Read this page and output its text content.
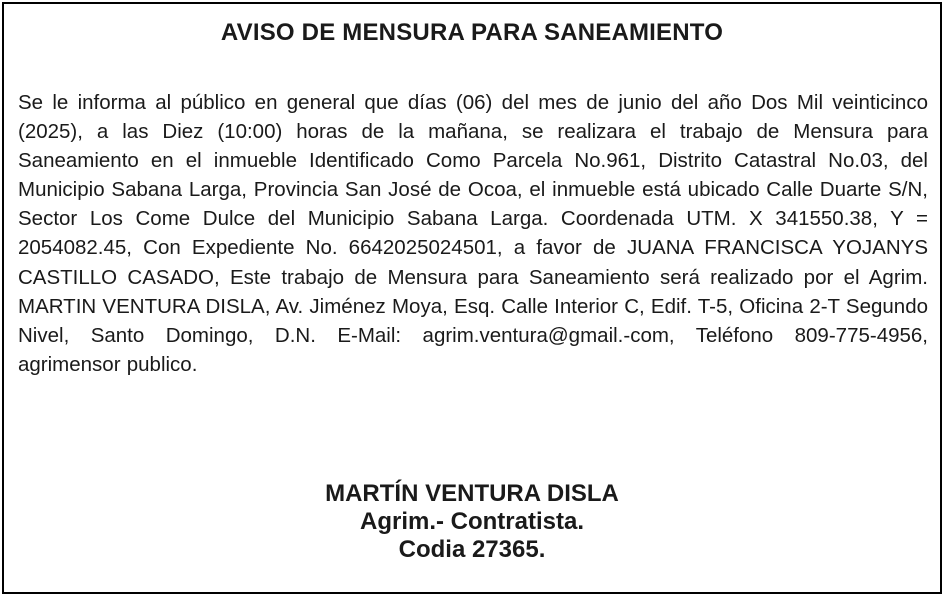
AVISO DE MENSURA PARA SANEAMIENTO

Se le informa al público en general que días (06) del mes de junio del año Dos Mil veinticinco (2025), a las Diez (10:00) horas de la mañana, se realizara el trabajo de Mensura para Saneamiento en el inmueble Identificado Como Parcela No.961, Distrito Catastral No.03, del Municipio Sabana Larga, Provincia San José de Ocoa, el inmueble está ubicado Calle Duarte S/N, Sector Los Come Dulce del Municipio Sabana Larga. Coordenada UTM. X 341550.38, Y = 2054082.45, Con Expediente No. 6642025024501, a favor de JUANA FRANCISCA YOJANYS CASTILLO CASADO, Este trabajo de Mensura para Saneamiento será realizado por el Agrim. MARTIN VENTURA DISLA, Av. Jiménez Moya, Esq. Calle Interior C, Edif. T-5, Oficina 2-T Segundo Nivel, Santo Domingo, D.N. E-Mail: agrim.ventura@gmail.-com, Teléfono 809-775-4956, agrimensor publico.

MARTÍN VENTURA DISLA
Agrim.- Contratista.
Codia 27365.
